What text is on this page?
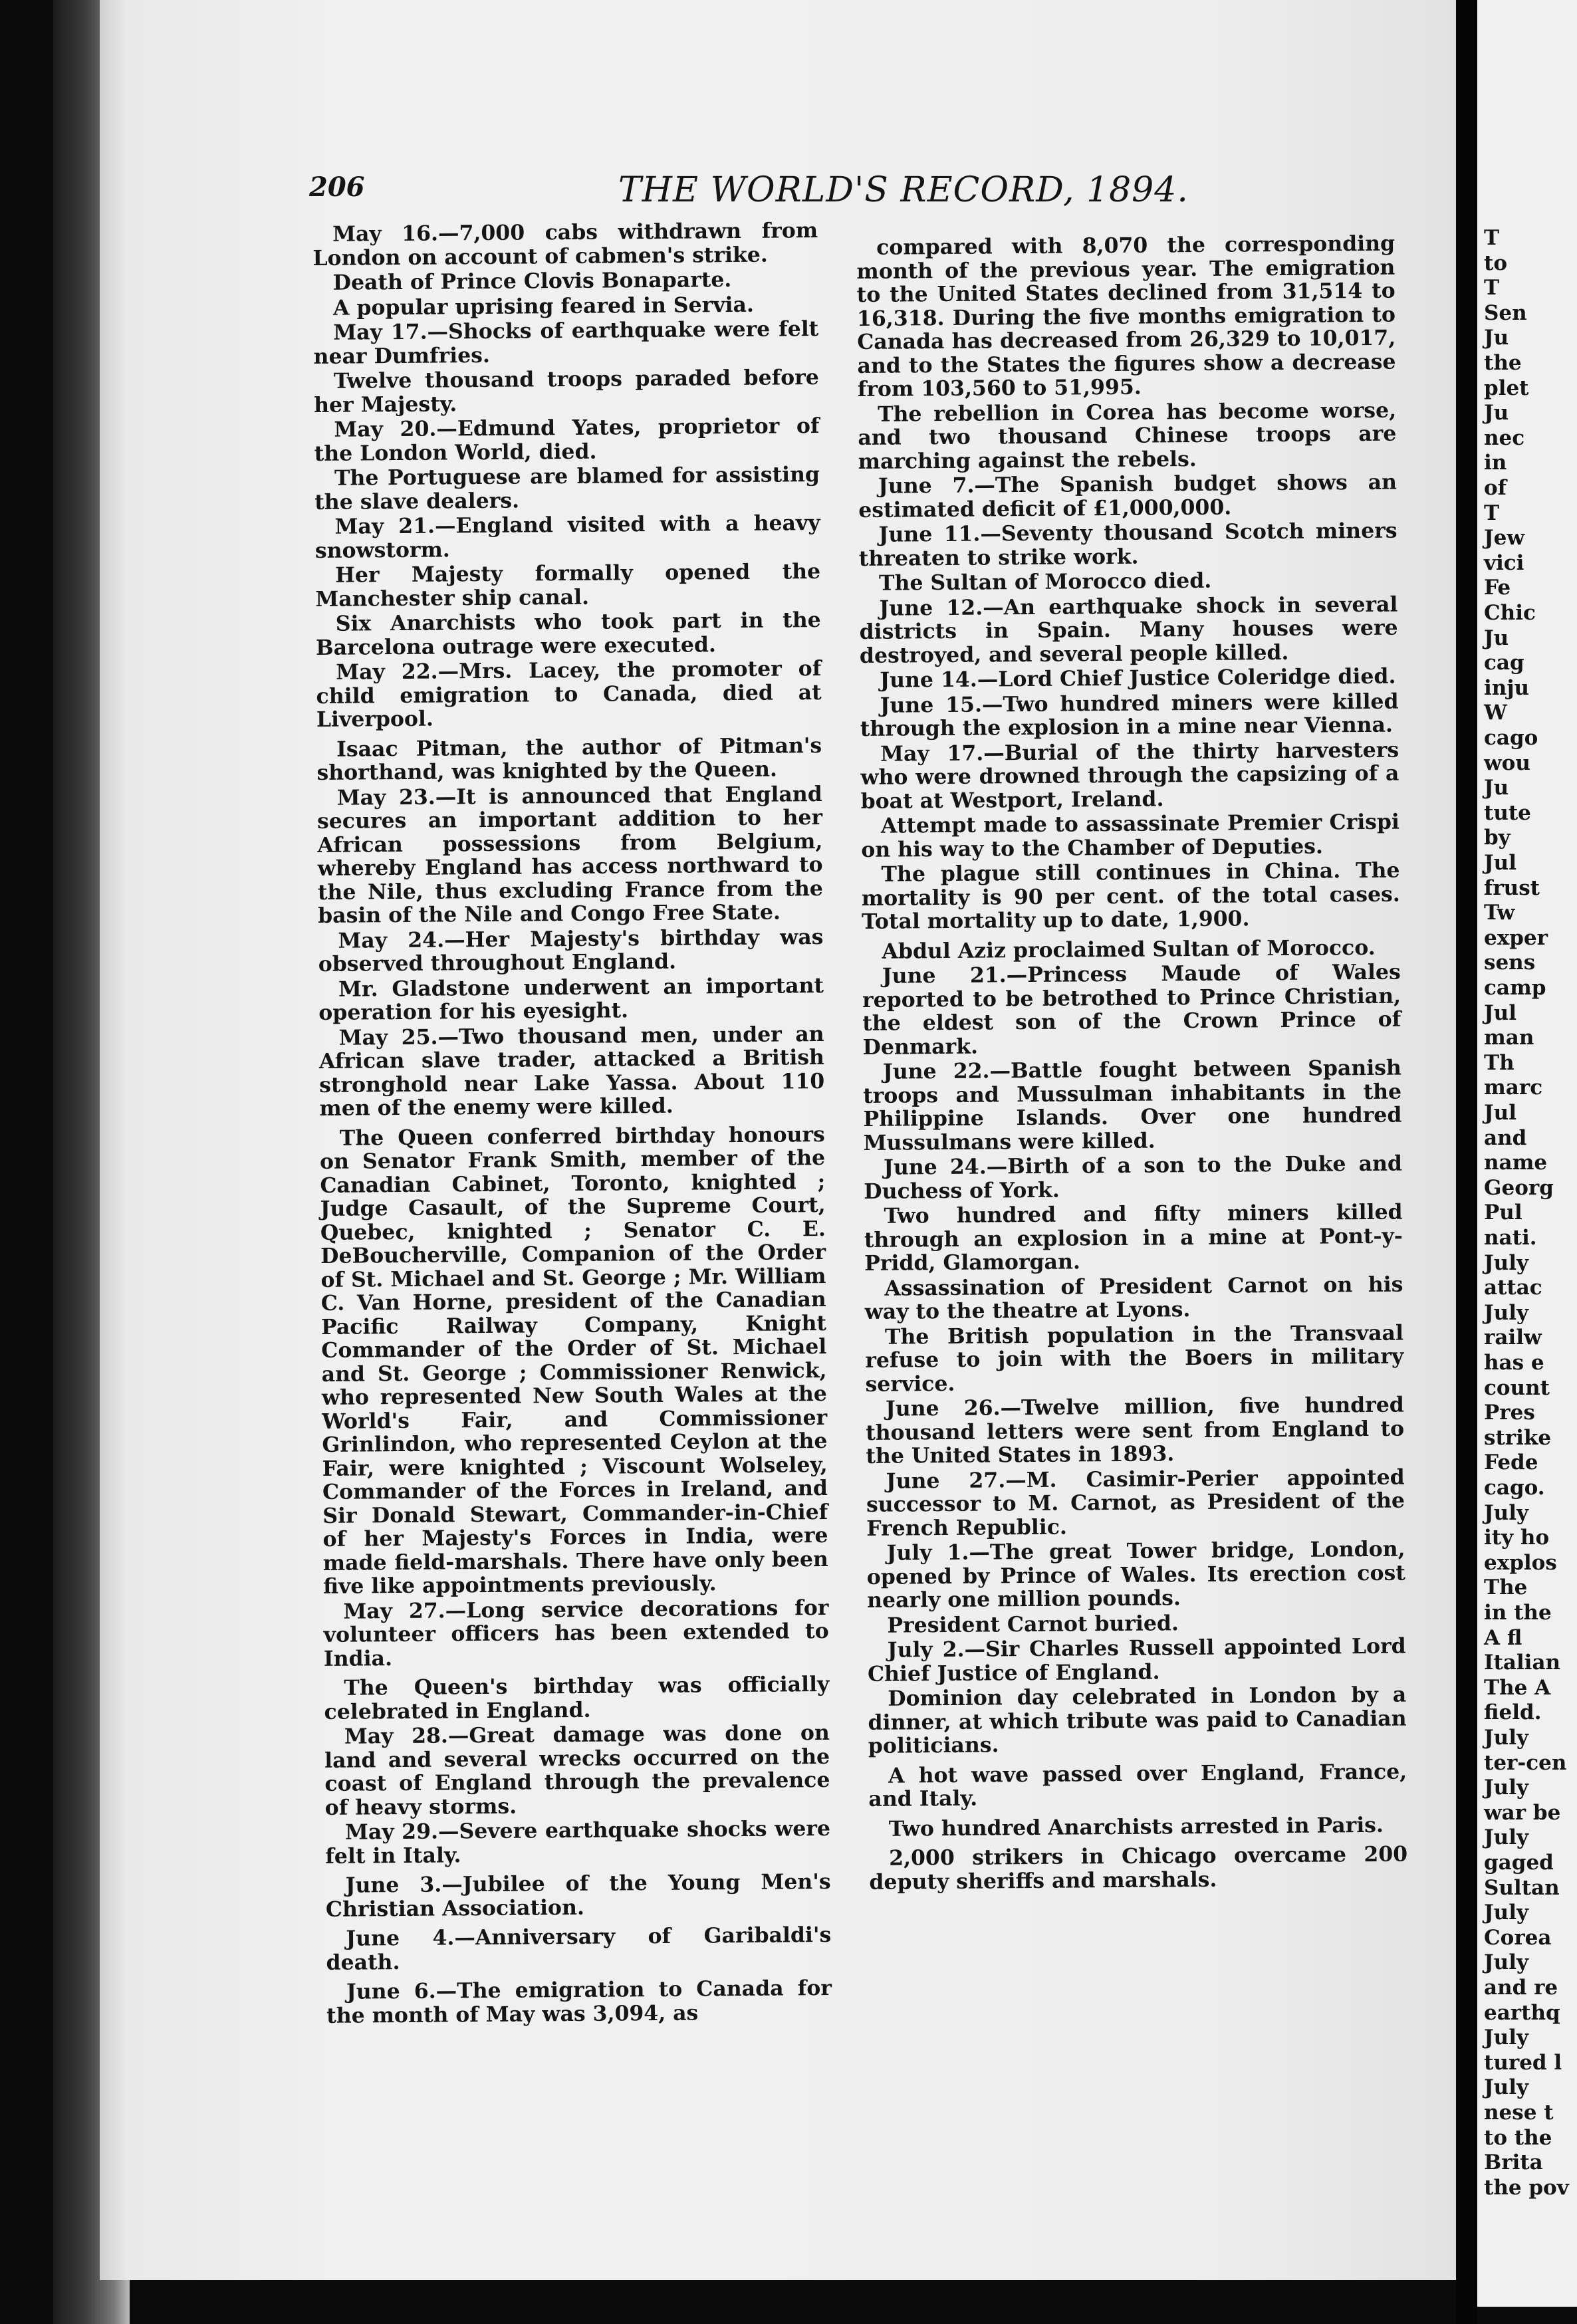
T
to
T
Sen
Ju
the
plet
Ju
nec
in
of
T
Jew
vici
Fe
Chic
Ju
cag
inju
W
cago
wou
Ju
tute
by
Jul
frust
Tw
exper
sens
camp
Jul
man
Th
marc
Jul
and
name
Georg
Pul
nati.
July
attac
July
railw
has e
count
Pres
strike
Fede
cago.
July
ity ho
explos
The
in the
A fl
Italian
The A
field.
July
ter-cen
July
war be
July
gaged
Sultan
July
Corea
July
and re
earthq
July
tured l
July
nese t
to the
Brita
the pov
206	THE WORLD'S RECORD, 1894.

May 16.—7,000 cabs withdrawn from London on account of cabmen's strike.

Death of Prince Clovis Bonaparte.

A popular uprising feared in Servia.

May 17.—Shocks of earthquake were felt near Dumfries.

Twelve thousand troops paraded before her Majesty.

May 20.—Edmund Yates, proprietor of the London World, died.

The Portuguese are blamed for assisting the slave dealers.

May 21.—England visited with a heavy snowstorm.

Her Majesty formally opened the Manchester ship canal.

Six Anarchists who took part in the Barcelona outrage were executed.

May 22.—Mrs. Lacey, the promoter of child emigration to Canada, died at Liverpool.

Isaac Pitman, the author of Pitman's shorthand, was knighted by the Queen.

May 23.—It is announced that England secures an important addition to her African possessions from Belgium, whereby England has access northward to the Nile, thus excluding France from the basin of the Nile and Congo Free State.

May 24.—Her Majesty's birthday was observed throughout England.

Mr. Gladstone underwent an important operation for his eyesight.

May 25.—Two thousand men, under an African slave trader, attacked a British stronghold near Lake Yassa. About 110 men of the enemy were killed.

The Queen conferred birthday honours on Senator Frank Smith, member of the Canadian Cabinet, Toronto, knighted ; Judge Casault, of the Supreme Court, Quebec, knighted ; Senator C. E. DeBoucherville, Companion of the Order of St. Michael and St. George ; Mr. William C. Van Horne, president of the Canadian Pacific Railway Company, Knight Commander of the Order of St. Michael and St. George ; Commissioner Renwick, who represented New South Wales at the World's Fair, and Commissioner Grinlindon, who represented Ceylon at the Fair, were knighted ; Viscount Wolseley, Commander of the Forces in Ireland, and Sir Donald Stewart, Commander-in-Chief of her Majesty's Forces in India, were made field-marshals. There have only been five like appointments previously.

May 27.—Long service decorations for volunteer officers has been extended to India.

The Queen's birthday was officially celebrated in England.

May 28.—Great damage was done on land and several wrecks occurred on the coast of England through the prevalence of heavy storms.

May 29.—Severe earthquake shocks were felt in Italy.

June 3.—Jubilee of the Young Men's Christian Association.

June 4.—Anniversary of Garibaldi's death.

June 6.—The emigration to Canada for the month of May was 3,094, as

compared with 8,070 the corresponding month of the previous year. The emigration to the United States declined from 31,514 to 16,318. During the five months emigration to Canada has decreased from 26,329 to 10,017, and to the States the figures show a decrease from 103,560 to 51,995.

The rebellion in Corea has become worse, and two thousand Chinese troops are marching against the rebels.

June 7.—The Spanish budget shows an estimated deficit of £1,000,000.

June 11.—Seventy thousand Scotch miners threaten to strike work.

The Sultan of Morocco died.

June 12.—An earthquake shock in several districts in Spain. Many houses were destroyed, and several people killed.

June 14.—Lord Chief Justice Coleridge died.

June 15.—Two hundred miners were killed through the explosion in a mine near Vienna.

May 17.—Burial of the thirty harvesters who were drowned through the capsizing of a boat at Westport, Ireland.

Attempt made to assassinate Premier Crispi on his way to the Chamber of Deputies.

The plague still continues in China. The mortality is 90 per cent. of the total cases. Total mortality up to date, 1,900.

Abdul Aziz proclaimed Sultan of Morocco.

June 21.—Princess Maude of Wales reported to be betrothed to Prince Christian, the eldest son of the Crown Prince of Denmark.

June 22.—Battle fought between Spanish troops and Mussulman inhabitants in the Philippine Islands. Over one hundred Mussulmans were killed.

June 24.—Birth of a son to the Duke and Duchess of York.

Two hundred and fifty miners killed through an explosion in a mine at Pont-y-Pridd, Glamorgan.

Assassination of President Carnot on his way to the theatre at Lyons.

The British population in the Transvaal refuse to join with the Boers in military service.

June 26.—Twelve million, five hundred thousand letters were sent from England to the United States in 1893.

June 27.—M. Casimir-Perier appointed successor to M. Carnot, as President of the French Republic.

July 1.—The great Tower bridge, London, opened by Prince of Wales. Its erection cost nearly one million pounds.

President Carnot buried.

July 2.—Sir Charles Russell appointed Lord Chief Justice of England.

Dominion day celebrated in London by a dinner, at which tribute was paid to Canadian politicians.

A hot wave passed over England, France, and Italy.

Two hundred Anarchists arrested in Paris.

2,000 strikers in Chicago overcame 200 deputy sheriffs and marshals.
